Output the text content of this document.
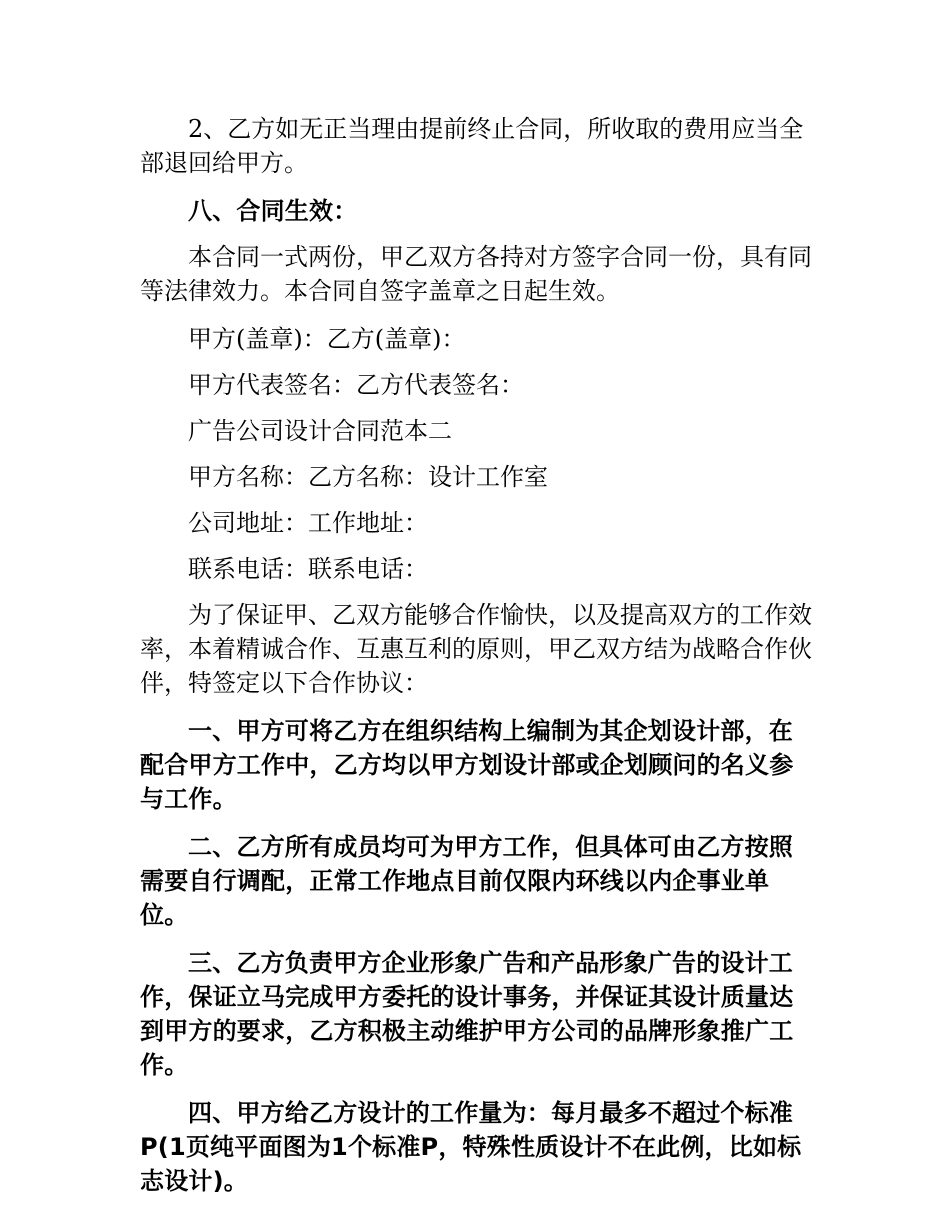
2、乙方如无正当理由提前终止合同，所收取的费用应当全部退回给甲方。

八、合同生效：

本合同一式两份，甲乙双方各持对方签字合同一份，具有同等法律效力。本合同自签字盖章之日起生效。

甲方(盖章)：乙方(盖章)：

甲方代表签名：乙方代表签名：

广告公司设计合同范本二

甲方名称：乙方名称：设计工作室

公司地址：工作地址：

联系电话：联系电话：

为了保证甲、乙双方能够合作愉快，以及提高双方的工作效率，本着精诚合作、互惠互利的原则，甲乙双方结为战略合作伙伴，特签定以下合作协议：

一、甲方可将乙方在组织结构上编制为其企划设计部，在配合甲方工作中，乙方均以甲方划设计部或企划顾问的名义参与工作。

二、乙方所有成员均可为甲方工作，但具体可由乙方按照需要自行调配，正常工作地点目前仅限内环线以内企事业单位。

三、乙方负责甲方企业形象广告和产品形象广告的设计工作，保证立马完成甲方委托的设计事务，并保证其设计质量达到甲方的要求，乙方积极主动维护甲方公司的品牌形象推广工作。

四、甲方给乙方设计的工作量为：每月最多不超过个标准P(1页纯平面图为1个标准P，特殊性质设计不在此例，比如标志设计)。
